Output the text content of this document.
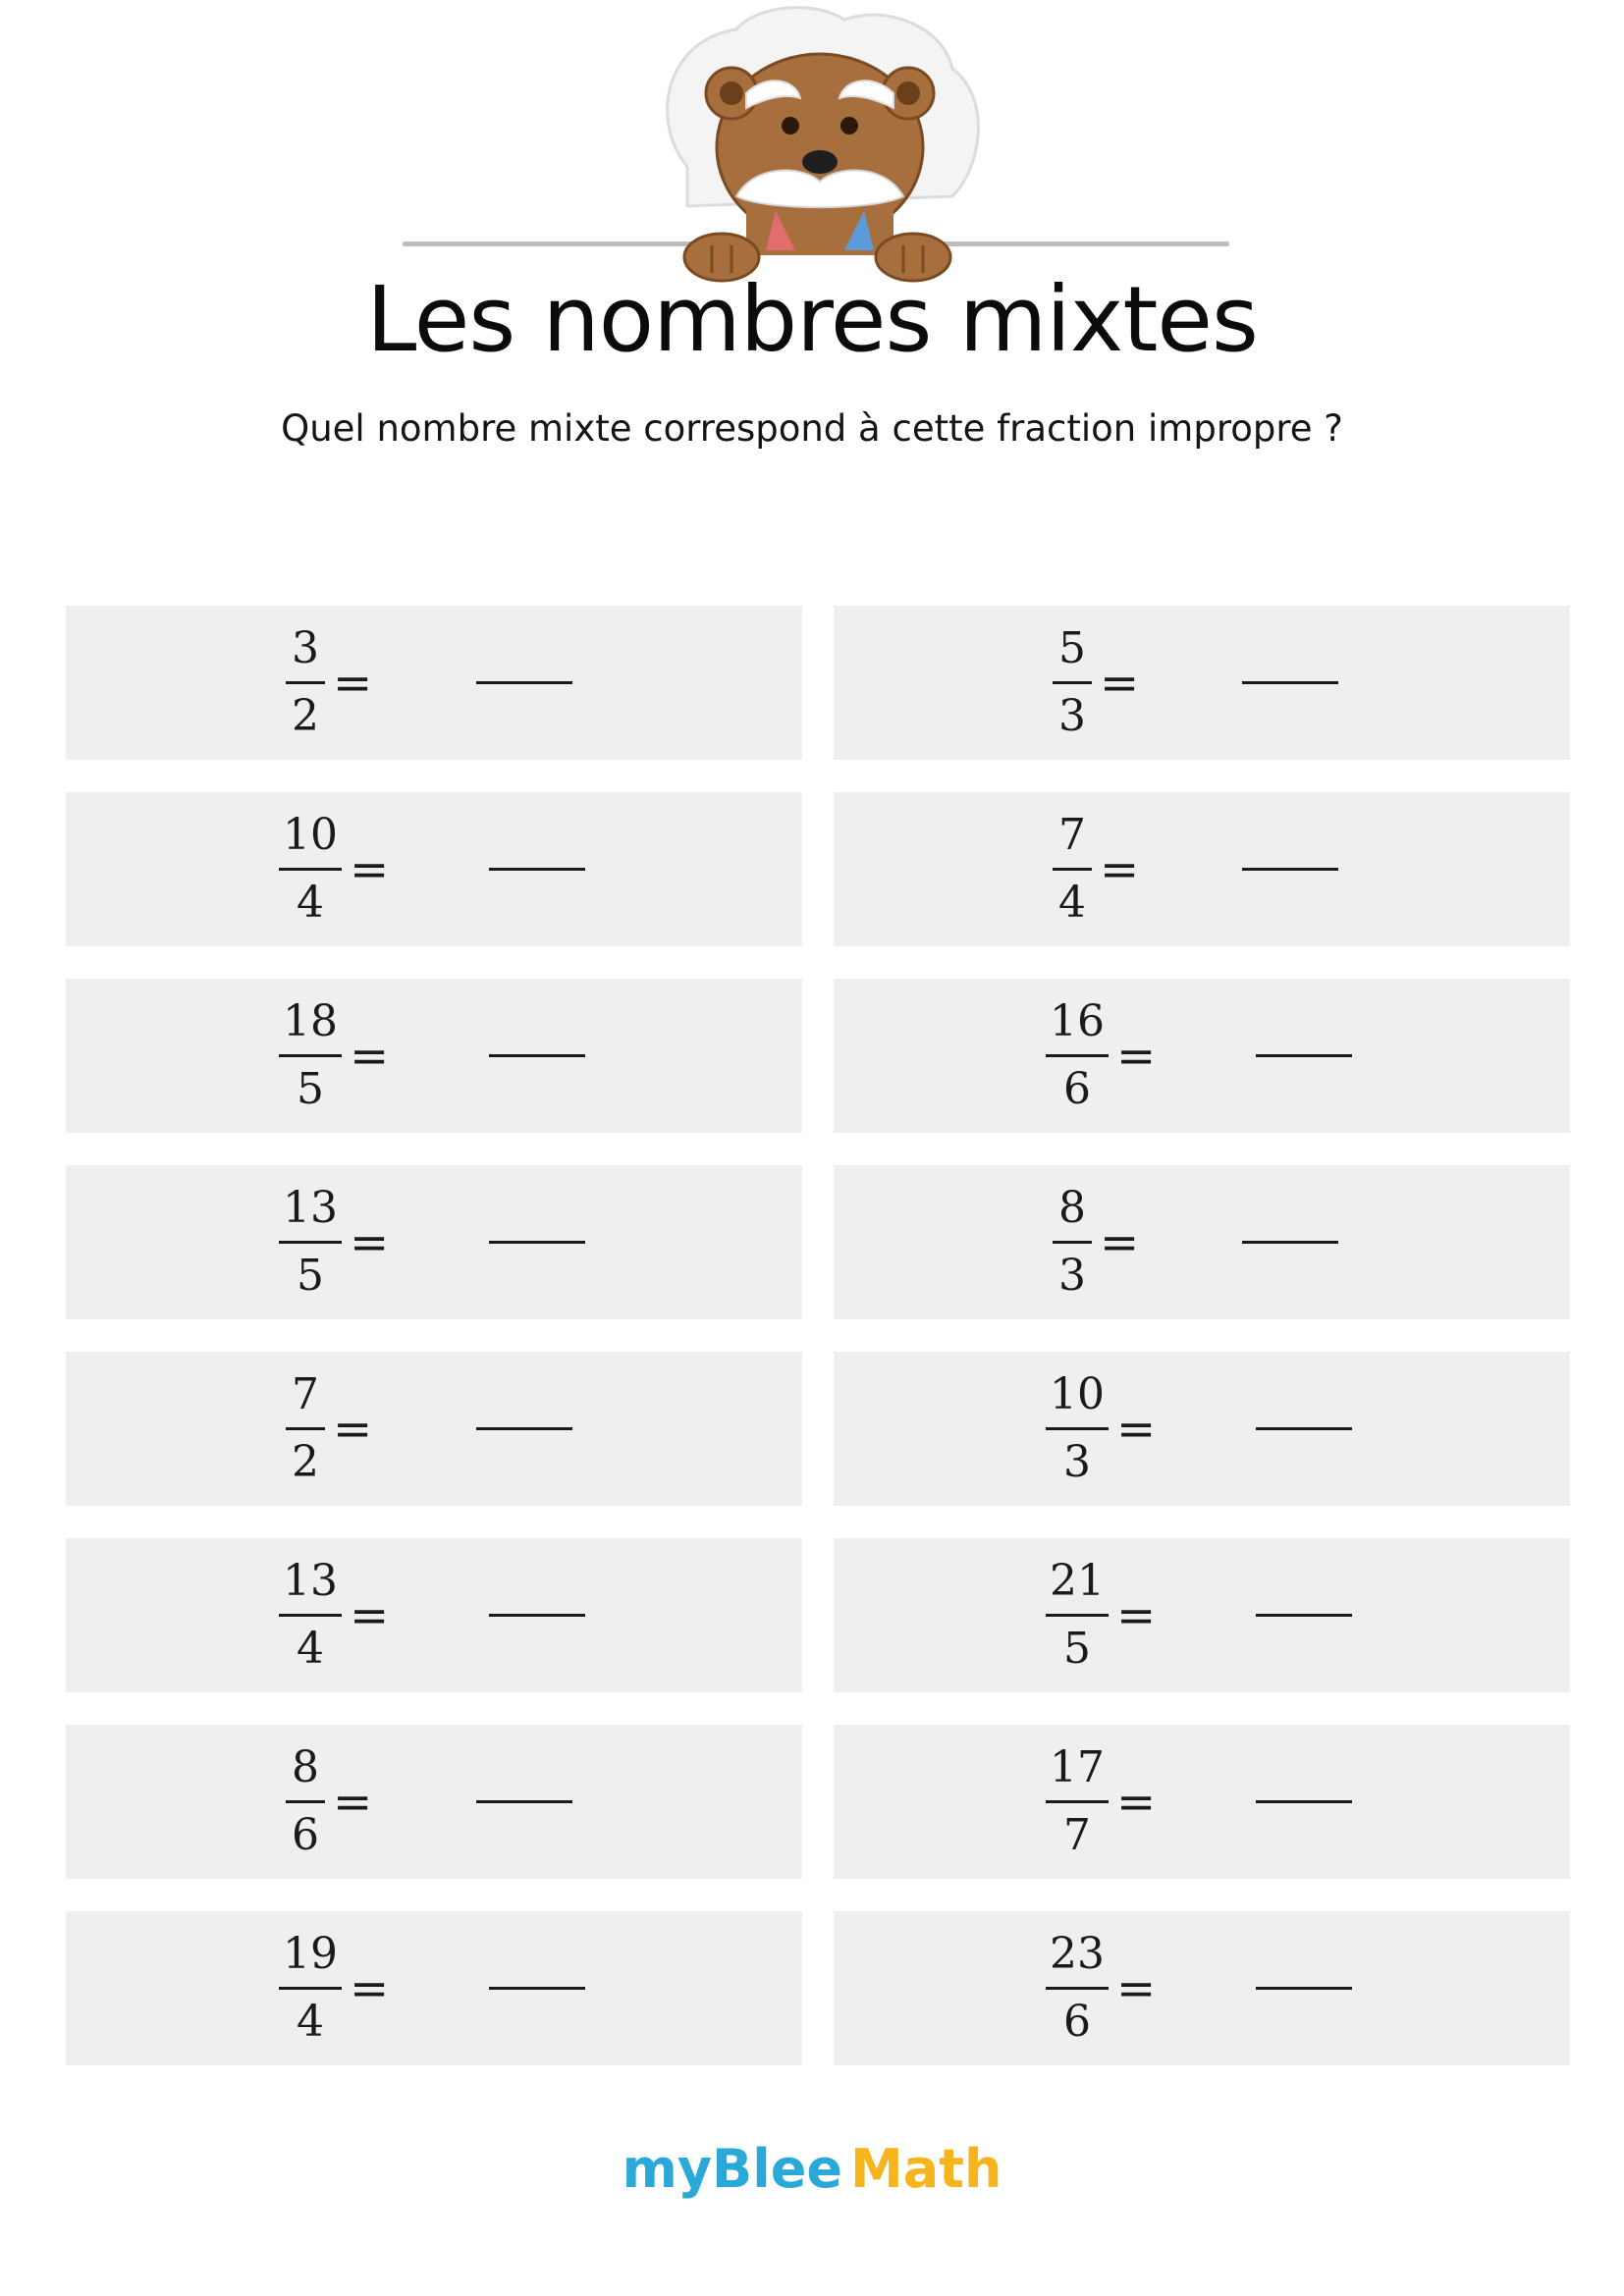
Les nombres mixtes
Quel nombre mixte correspond à cette fraction impropre ?
$\frac{3}{2}$ =	$\frac{5}{3}$ =
$\frac{10}{4}$ =	$\frac{7}{4}$ =
$\frac{18}{5}$ =	$\frac{16}{6}$ =
$\frac{13}{5}$ =	$\frac{8}{3}$ =
$\frac{7}{2}$ =	$\frac{10}{3}$ =
$\frac{13}{4}$ =	$\frac{21}{5}$ =
$\frac{8}{6}$ =	$\frac{17}{7}$ =
$\frac{19}{4}$ =	$\frac{23}{6}$ =
myBlee Math
